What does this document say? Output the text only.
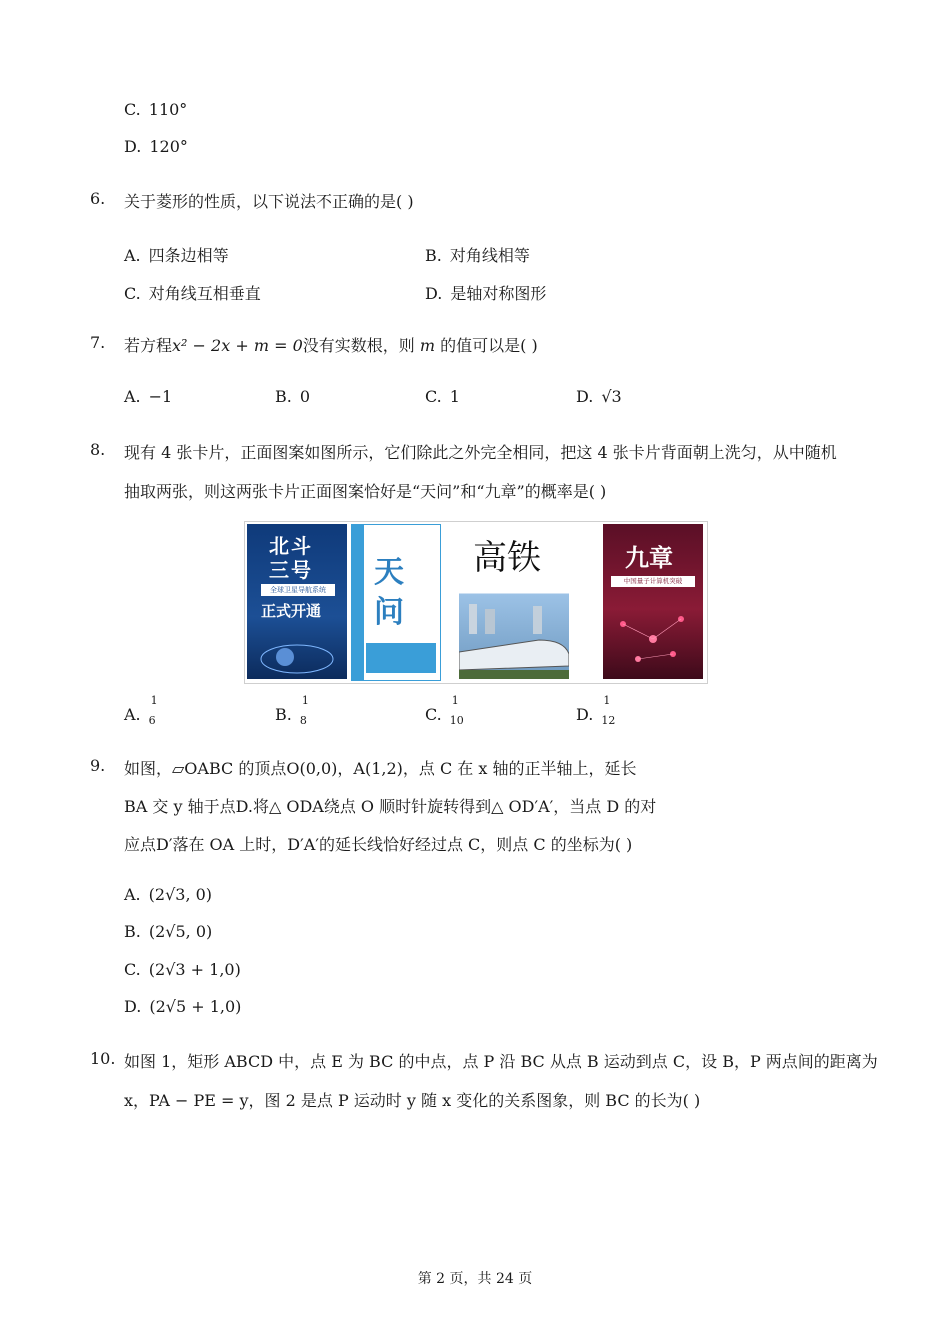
C. 110°
D. 120°
6. 关于菱形的性质，以下说法不正确的是( )
A. 四条边相等	B. 对角线相等
C. 对角线互相垂直	D. 是轴对称图形
7. 若方程x² − 2x + m = 0没有实数根，则 m 的值可以是( )
A. −1	B. 0	C. 1	D. √3
8. 现有 4 张卡片，正面图案如图所示，它们除此之外完全相同，把这 4 张卡片背面朝上洗匀，从中随机
抽取两张，则这两张卡片正面图案恰好是“天问”和“九章”的概率是( )
北斗三号
全球卫星导航系统
正式开通
天问
高铁	九章
中国量子计算机突破
A.
1
6	B.
1
8	C.
1
10	D.
1
12
9. 如图，▱OABC 的顶点O(0,0)，A(1,2)，点 C 在 x 轴的正半轴上，延长
BA 交 y 轴于点D.将△ ODA绕点 O 顺时针旋转得到△ OD′A′，当点 D 的对
应点D′落在 OA 上时，D′A′的延长线恰好经过点 C，则点 C 的坐标为( )
A. (2√3, 0)
B. (2√5, 0)
C. (2√3 + 1,0)
D. (2√5 + 1,0)
10. 如图 1，矩形 ABCD 中，点 E 为 BC 的中点，点 P 沿 BC 从点 B 运动到点 C，设 B，P 两点间的距离为
x，PA − PE = y，图 2 是点 P 运动时 y 随 x 变化的关系图象，则 BC 的长为( )
第 2 页，共 24 页
